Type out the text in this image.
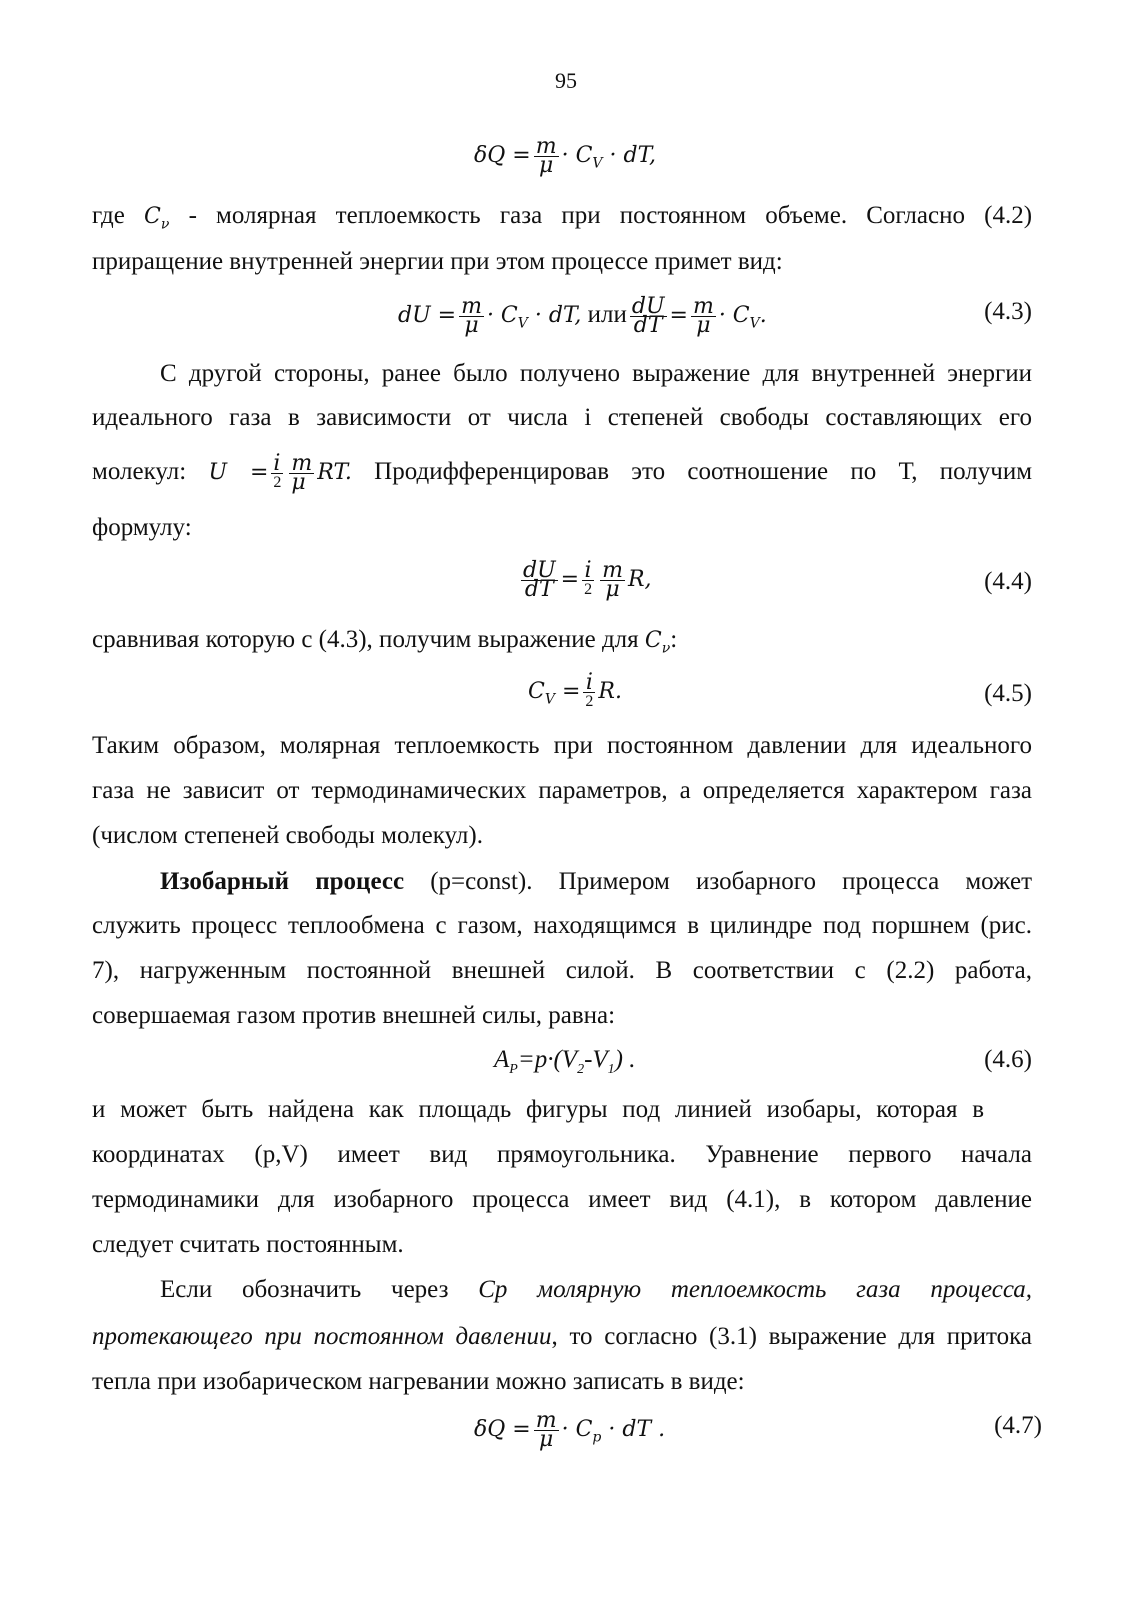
95
$\delta Q = \frac{m}{\mu} \cdot C_V$ · dT,
где $C_\nu$ - молярная теплоемкость газа при постоянном объеме. Согласно (4.2)
приращение внутренней энергии при этом процессе примет вид:
dU = $\frac{m}{\mu} \cdot C_V$ · dT, или $\frac{dU}{dT} = \frac{m}{\mu} \cdot C_V$.	(4.3)
С другой стороны, ранее было получено выражение для внутренней энергии
идеального газа в зависимости от числа i степеней свободы составляющих его
молекул: $U = \frac{i}{2} \frac{m}{\mu}$ RT. Продифференцировав это соотношение по Т, получим
формулу:
$\frac{dU}{dT} = \frac{i}{2} \frac{m}{\mu} R$,	(4.4)
сравнивая которую с (4.3), получим выражение для $C_\nu$:
$C_V = \frac{i}{2} R$.	(4.5)
Таким образом, молярная теплоемкость при постоянном давлении для идеального
газа не зависит от термодинамических параметров, а определяется характером газа
(числом степеней свободы молекул).
Изобарный процесс (p=const). Примером изобарного процесса может
служить процесс теплообмена с газом, находящимся в цилиндре под поршнем (рис.
7), нагруженным постоянной внешней силой. В соответствии с (2.2) работа,
совершаемая газом против внешней силы, равна:
$A_P=p\cdot(V_2-V_1)$ .	(4.6)
и может быть найдена как площадь фигуры под линией изобары, которая в
координатах (p,V) имеет вид прямоугольника. Уравнение первого начала
термодинамики для изобарного процесса имеет вид (4.1), в котором давление
следует считать постоянным.
Если обозначить через Cp молярную теплоемкость газа процесса,
протекающего при постоянном давлении, то согласно (3.1) выражение для притока
тепла при изобарическом нагревании можно записать в виде:
$\delta Q = \frac{m}{\mu} \cdot C_p$ · dT .	(4.7)
